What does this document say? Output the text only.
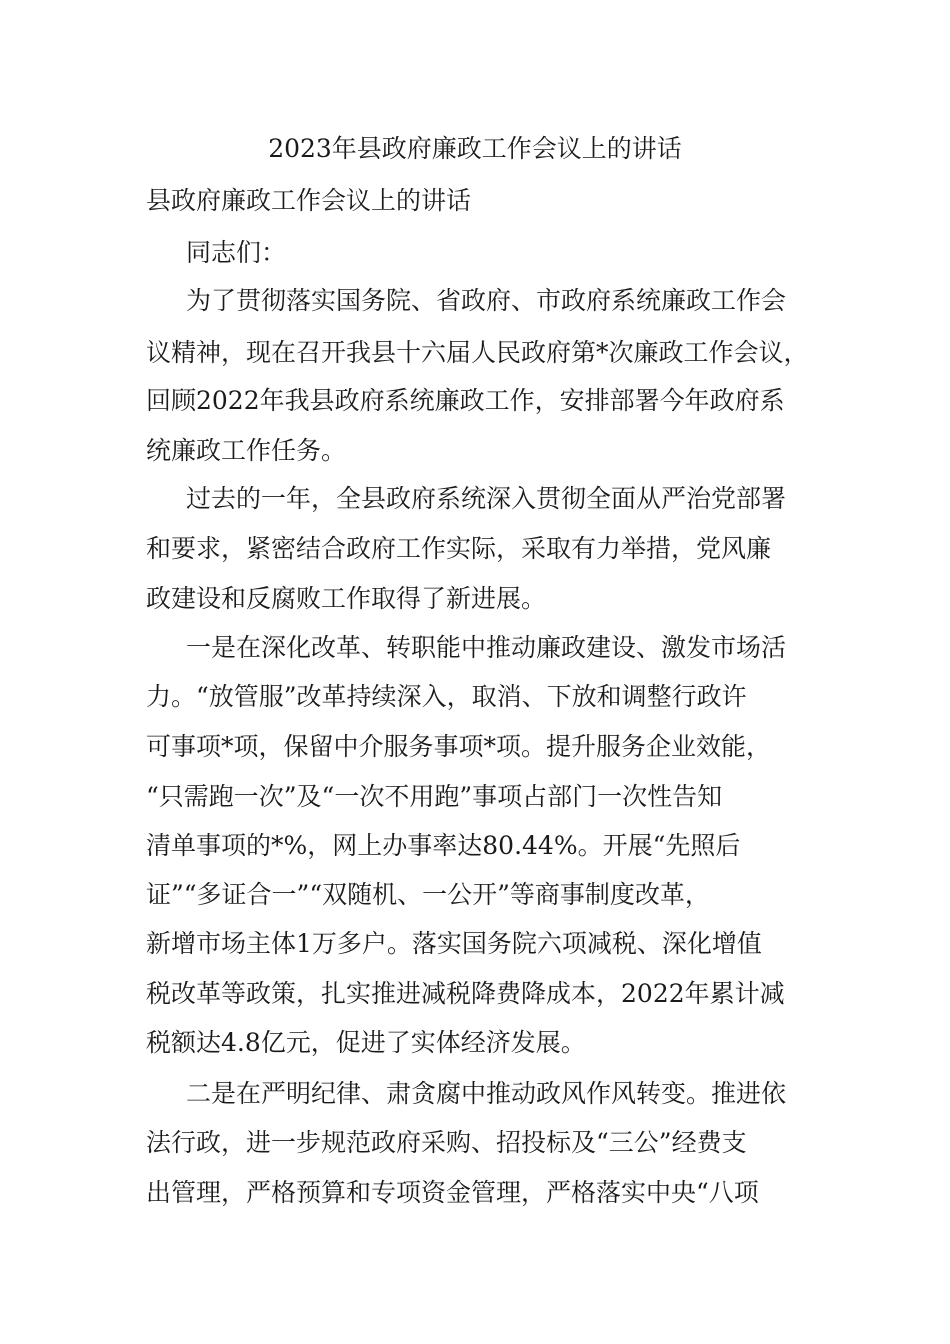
2023年县政府廉政工作会议上的讲话

县政府廉政工作会议上的讲话

同志们：

为了贯彻落实国务院、省政府、市政府系统廉政工作会

议精神，现在召开我县十六届人民政府第*次廉政工作会议，

回顾2022年我县政府系统廉政工作，安排部署今年政府系

统廉政工作任务。

过去的一年，全县政府系统深入贯彻全面从严治党部署

和要求，紧密结合政府工作实际，采取有力举措，党风廉

政建设和反腐败工作取得了新进展。

一是在深化改革、转职能中推动廉政建设、激发市场活

力。“放管服”改革持续深入，取消、下放和调整行政许

可事项*项，保留中介服务事项*项。提升服务企业效能，

“只需跑一次”及“一次不用跑”事项占部门一次性告知

清单事项的*%，网上办事率达80.44%。开展“先照后

证”“多证合一”“双随机、一公开”等商事制度改革，

新增市场主体1万多户。落实国务院六项减税、深化增值

税改革等政策，扎实推进减税降费降成本，2022年累计减

税额达4.8亿元，促进了实体经济发展。

二是在严明纪律、肃贪腐中推动政风作风转变。推进依

法行政，进一步规范政府采购、招投标及“三公”经费支

出管理，严格预算和专项资金管理，严格落实中央“八项
